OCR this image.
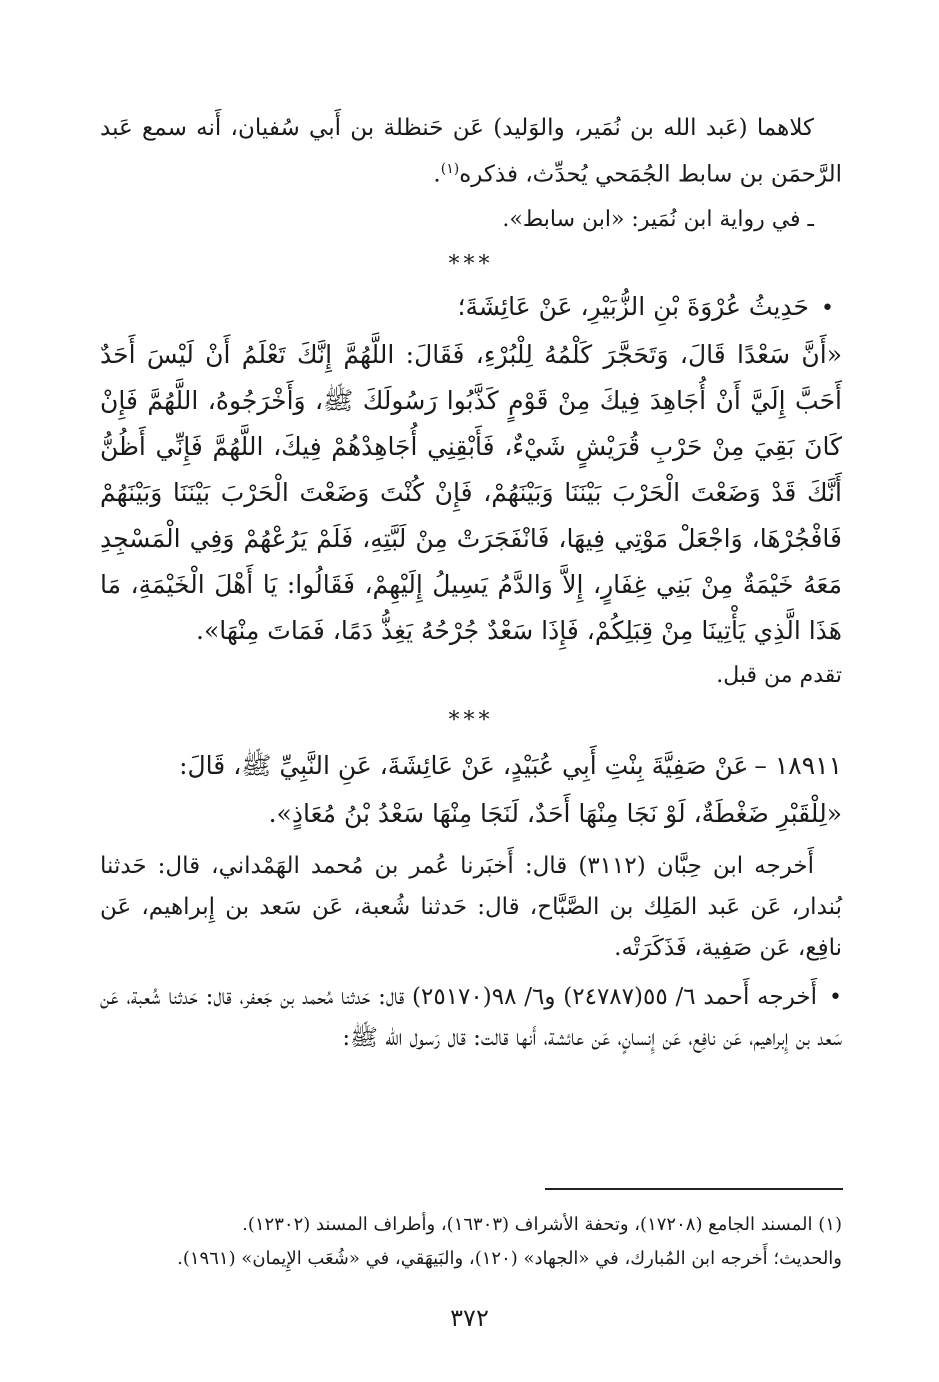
كلاهما (عَبد الله بن نُمَير، والوَليد) عَن حَنظلة بن أَبي سُفيان، أَنه سمع عَبد الرَّحمَن بن سابط الجُمَحي يُحدِّث، فذكره$^{(١)}$.

ـ في رواية ابن نُمَير: «ابن سابط».

***

•حَدِيثُ عُرْوَةَ بْنِ الزُّبَيْرِ، عَنْ عَائِشَةَ؛

«أَنَّ سَعْدًا قَالَ، وَتَحَجَّرَ كَلْمُهُ لِلْبُرْءِ، فَقَالَ: اللَّهُمَّ إِنَّكَ تَعْلَمُ أَنْ لَيْسَ أَحَدٌ أَحَبَّ إِلَيَّ أَنْ أُجَاهِدَ فِيكَ مِنْ قَوْمٍ كَذَّبُوا رَسُولَكَ ﷺ، وَأَخْرَجُوهُ، اللَّهُمَّ فَإِنْ كَانَ بَقِيَ مِنْ حَرْبِ قُرَيْشٍ شَيْءٌ، فَأَبْقِنِي أُجَاهِدْهُمْ فِيكَ، اللَّهُمَّ فَإِنِّي أَظُنُّ أَنَّكَ قَدْ وَضَعْتَ الْحَرْبَ بَيْنَنَا وَبَيْنَهُمْ، فَإِنْ كُنْتَ وَضَعْتَ الْحَرْبَ بَيْنَنَا وَبَيْنَهُمْ فَافْجُرْهَا، وَاجْعَلْ مَوْتِي فِيهَا، فَانْفَجَرَتْ مِنْ لَبَّتِهِ، فَلَمْ يَرُعْهُمْ وَفِي الْمَسْجِدِ مَعَهُ خَيْمَةٌ مِنْ بَنِي غِفَارٍ، إِلاَّ وَالدَّمُ يَسِيلُ إِلَيْهِمْ، فَقَالُوا: يَا أَهْلَ الْخَيْمَةِ، مَا هَذَا الَّذِي يَأْتِينَا مِنْ قِبَلِكُمْ، فَإِذَا سَعْدٌ جُرْحُهُ يَغِذُّ دَمًا، فَمَاتَ مِنْهَا».

تقدم من قبل.

***

١٨٩١١ –عَنْ صَفِيَّةَ بِنْتِ أَبِي عُبَيْدٍ، عَنْ عَائِشَةَ، عَنِ النَّبِيِّ ﷺ، قَالَ:

«لِلْقَبْرِ ضَغْطَةٌ، لَوْ نَجَا مِنْهَا أَحَدٌ، لَنَجَا مِنْهَا سَعْدُ بْنُ مُعَاذٍ».

أَخرجه ابن حِبَّان (٣١١٢) قال: أَخبَرنا عُمر بن مُحمد الهَمْداني، قال: حَدثنا بُندار، عَن عَبد المَلِك بن الصَّبَّاح، قال: حَدثنا شُعبة، عَن سَعد بن إِبراهيم، عَن نافِع، عَن صَفِية، فَذَكَرَتْه.

•أَخرجه أَحمد ٦/ ٥٥(٢٤٧٨٧) و٦/ ٩٨(٢٥١٧٠) قال: حَدثنا مُحمد بن جَعفر، قال: حَدثنا شُعبة، عَن سَعد بن إِبراهيم، عَن نافِع، عَن إِنسانٍ، عَن عائشة، أَنها قالت: قال رَسول الله ﷺ:

(١) المسند الجامع (١٧٢٠٨)، وتحفة الأشراف (١٦٣٠٣)، وأطراف المسند (١٢٣٠٢).

والحديث؛ أَخرجه ابن المُبارك، في «الجهاد» (١٢٠)، والبَيهَقي، في «شُعَب الإِيمان» (١٩٦١).

٣٧٢
